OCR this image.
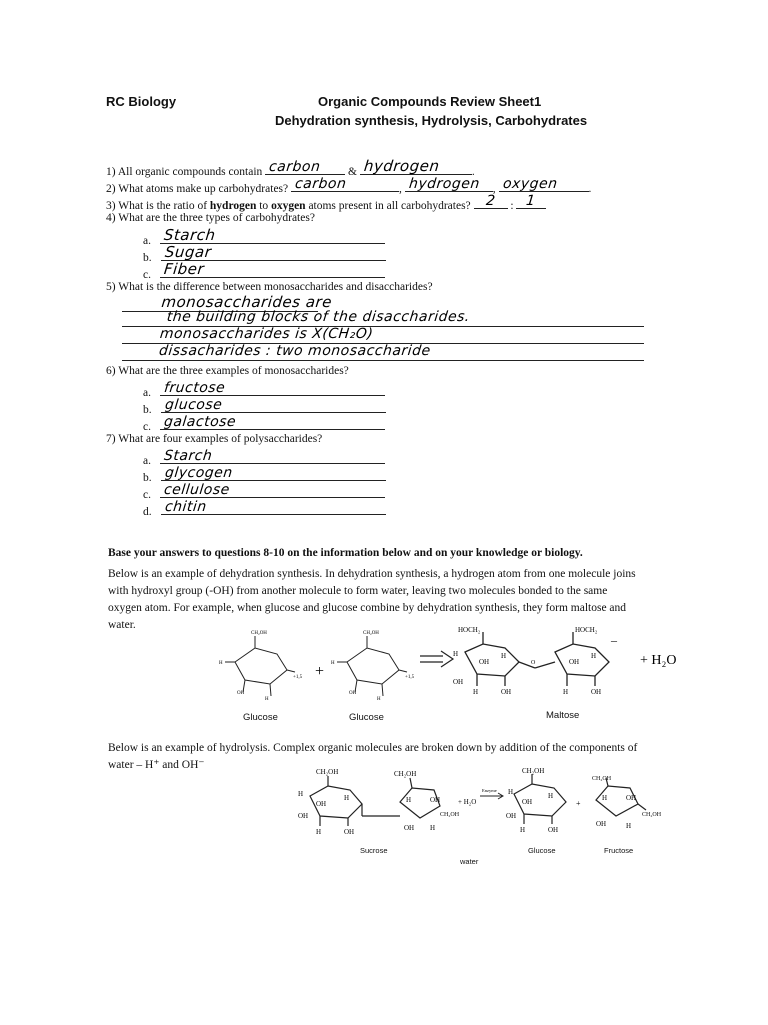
RC Biology	Organic Compounds Review Sheet1
Dehydration synthesis, Hydrolysis, Carbohydrates
1) All organic compounds contain carbon & hydrogen	.
2) What atoms make up carbohydrates? carbon	, hydrogen , oxygen	.
3) What is the ratio of hydrogen to oxygen atoms present in all carbohydrates? 2 : 1
4) What are the three types of carbohydrates?
a. Starch
b. Sugar
c. Fiber
5) What is the difference between monosaccharides and disaccharides?
monosaccharides are
the building blocks of the disaccharides.
monosaccharides is X(CH₂O)
dissacharides : two monosaccharide
6) What are the three examples of monosaccharides?
a. fructose
b. glucose
c. galactose
7) What are four examples of polysaccharides?
a. Starch
b. glycogen
c. cellulose
d. chitin
Base your answers to questions 8-10 on the information below and on your knowledge or biology.
Below is an example of dehydration synthesis. In dehydration synthesis, a hydrogen atom from one molecule joins with hydroxyl group (-OH) from another molecule to form water, leaving two molecules bonded to the same oxygen atom. For example, when glucose and glucose combine by dehydration synthesis, they form maltose and water.
CH₂OH
H
OH
H
+1,5 +
CH₂OH
H
OH
H
+1,5
HOCH₂	HOCH₂
H
OH
H
OH
H
OH
H	OH	H	OH
O
–
+ H₂O
Glucose	Glucose	Maltose
Below is an example of hydrolysis. Complex organic molecules are broken down by addition of the components of water – H⁺ and OH⁻
CH₂OH	CH₂OH
H
OH
H
OH
H	OH
H	OH
OH H
CH₂OH
+ H₂O
Enzyme
CH₂OH
H
OH
H
OH
H	OH
+
CH₂OH
H	OH
OH	H
CH₂OH
Sucrose	Glucose	Fructose
water
